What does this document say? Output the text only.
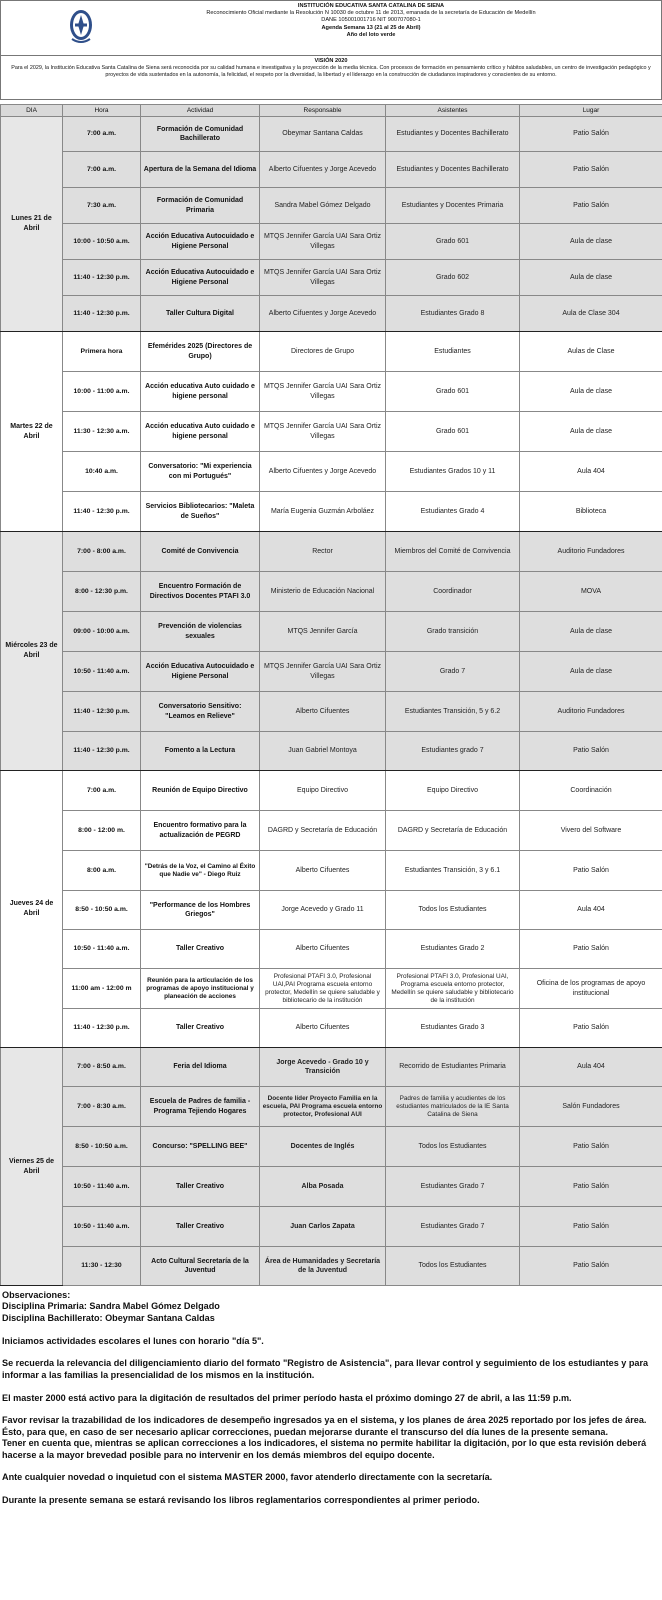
INSTITUCIÓN EDUCATIVA SANTA CATALINA DE SIENA
Reconocimiento Oficial mediante la Resolución N 10030 de octubre 11 de 2013, emanada de la secretaría de Educación de Medellín
DANE 105001001716 NIT 900707080-1
Agenda Semana 13 (21 al 25 de Abril)
Año del loto verde
VISIÓN 2020
Para el 2029, la Institución Educativa Santa Catalina de Siena será reconocida por su calidad humana e investigativa y la proyección de la media técnica. Con procesos de formación en pensamiento crítico y hábitos saludables, un centro de investigación pedagógico y proyectos de vida sustentados en la autonomía, la felicidad, el respeto por la diversidad, la libertad y el liderazgo en la construcción de ciudadanos inspiradores y conscientes de su entorno.
DIA	Hora	Actividad	Responsable	Asistentes	Lugar
Lunes 21 de Abril	7:00 a.m.	Formación de Comunidad Bachillerato	Obeymar Santana Caldas	Estudiantes y Docentes Bachillerato	Patio Salón
	7:00 a.m.	Apertura de la Semana del Idioma	Alberto Cifuentes y Jorge Acevedo	Estudiantes y Docentes Bachillerato	Patio Salón
	7:30 a.m.	Formación de Comunidad Primaria	Sandra Mabel Gómez Delgado	Estudiantes y Docentes Primaria	Patio Salón
	10:00 - 10:50 a.m.	Acción Educativa Autocuidado e Higiene Personal	MTQS Jennifer García UAI Sara Ortiz Villegas	Grado 601	Aula de clase
	11:40 - 12:30 p.m.	Acción Educativa Autocuidado e Higiene Personal	MTQS Jennifer García UAI Sara Ortiz Villegas	Grado 602	Aula de clase
	11:40 - 12:30 p.m.	Taller Cultura Digital	Alberto Cifuentes y Jorge Acevedo	Estudiantes Grado 8	Aula de Clase 304
Martes 22 de Abril	Primera hora	Efemérides 2025 (Directores de Grupo)	Directores de Grupo	Estudiantes	Aulas de Clase
	10:00 - 11:00 a.m.	Acción educativa Auto cuidado e higiene personal	MTQS Jennifer García UAI Sara Ortiz Villegas	Grado 601	Aula de clase
	11:30 - 12:30 a.m.	Acción educativa Auto cuidado e higiene personal	MTQS Jennifer García UAI Sara Ortiz Villegas	Grado 601	Aula de clase
	10:40 a.m.	Conversatorio: "Mi experiencia con mi Portugués"	Alberto Cifuentes y Jorge Acevedo	Estudiantes Grados 10 y 11	Aula 404
	11:40 - 12:30 p.m.	Servicios Bibliotecarios: "Maleta de Sueños"	María Eugenia Guzmán Arboláez	Estudiantes Grado 4	Biblioteca
Miércoles 23 de Abril	7:00 - 8:00 a.m.	Comité de Convivencia	Rector	Miembros del Comité de Convivencia	Auditorio Fundadores
	8:00 - 12:30 p.m.	Encuentro Formación de Directivos Docentes PTAFI 3.0	Ministerio de Educación Nacional	Coordinador	MOVA
	09:00 - 10:00 a.m.	Prevención de violencias sexuales	MTQS Jennifer García	Grado transición	Aula de clase
	10:50 - 11:40 a.m.	Acción Educativa Autocuidado e Higiene Personal	MTQS Jennifer García UAI Sara Ortiz Villegas	Grado 7	Aula de clase
	11:40 - 12:30 p.m.	Conversatorio Sensitivo: "Leamos en Relieve"	Alberto Cifuentes	Estudiantes Transición, 5 y 6.2	Auditorio Fundadores
	11:40 - 12:30 p.m.	Fomento a la Lectura	Juan Gabriel Montoya	Estudiantes grado 7	Patio Salón
Jueves 24 de Abril	7:00 a.m.	Reunión de Equipo Directivo	Equipo Directivo	Equipo Directivo	Coordinación
	8:00 - 12:00 m.	Encuentro formativo para la actualización de PEGRD	DAGRD y Secretaría de Educación	DAGRD y Secretaría de Educación	Vivero del Software
	8:00 a.m.	"Detrás de la Voz, el Camino al Éxito que Nadie ve" - Diego Ruiz	Alberto Cifuentes	Estudiantes Transición, 3 y 6.1	Patio Salón
	8:50 - 10:50 a.m.	"Performance de los Hombres Griegos"	Jorge Acevedo y Grado 11	Todos los Estudiantes	Aula 404
	10:50 - 11:40 a.m.	Taller Creativo	Alberto Cifuentes	Estudiantes Grado 2	Patio Salón
	11:00 am - 12:00 m	Reunión para la articulación de los programas de apoyo institucional y planeación de acciones	Profesional PTAFI 3.0, Profesional UAI,PAI Programa escuela entorno protector, Medellín se quiere saludable y bibliotecario de la institución	Profesional PTAFI 3.0, Profesional UAI, Programa escuela entorno protector, Medellín se quiere saludable y bibliotecario de la institución	Oficina de los programas de apoyo institucional
	11:40 - 12:30 p.m.	Taller Creativo	Alberto Cifuentes	Estudiantes Grado 3	Patio Salón
Viernes 25 de Abril	7:00 - 8:50 a.m.	Feria del Idioma	Jorge Acevedo - Grado 10 y Transición	Recorrido de Estudiantes Primaria	Aula 404
	7:00 - 8:30 a.m.	Escuela de Padres de familia - Programa Tejiendo Hogares	Docente líder Proyecto Familia en la escuela, PAI Programa escuela entorno protector, Profesional AUI	Padres de familia y acudientes de los estudiantes matriculados de la IE Santa Catalina de Siena	Salón Fundadores
	8:50 - 10:50 a.m.	Concurso: "SPELLING BEE"	Docentes de Inglés	Todos los Estudiantes	Patio Salón
	10:50 - 11:40 a.m.	Taller Creativo	Alba Posada	Estudiantes Grado 7	Patio Salón
	10:50 - 11:40 a.m.	Taller Creativo	Juan Carlos Zapata	Estudiantes Grado 7	Patio Salón
	11:30 - 12:30	Acto Cultural Secretaría de la Juventud	Área de Humanidades y Secretaría de la Juventud	Todos los Estudiantes	Patio Salón

Observaciones:

Disciplina Primaria: Sandra Mabel Gómez Delgado

Disciplina Bachillerato: Obeymar Santana Caldas

Iniciamos actividades escolares el lunes con horario "día 5".

Se recuerda la relevancia del diligenciamiento diario del formato "Registro de Asistencia", para llevar control y seguimiento de los estudiantes y para informar a las familias la presencialidad de los mismos en la institución.

El master 2000 está activo para la digitación de resultados del primer período hasta el próximo domingo 27 de abril, a las 11:59 p.m.

Favor revisar la trazabilidad de los indicadores de desempeño ingresados ya en el sistema, y los planes de área 2025 reportado por los jefes de área. Ésto, para que, en caso de ser necesario aplicar correcciones, puedan mejorarse durante el transcurso del día lunes de la presente semana.

Tener en cuenta que, mientras se aplican correcciones a los indicadores, el sistema no permite habilitar la digitación, por lo que esta revisión deberá hacerse a la mayor brevedad posible para no intervenir en los demás miembros del equipo docente.

Ante cualquier novedad o inquietud con el sistema MASTER 2000, favor atenderlo directamente con la secretaría.

Durante la presente semana se estará revisando los libros reglamentarios correspondientes al primer periodo.
